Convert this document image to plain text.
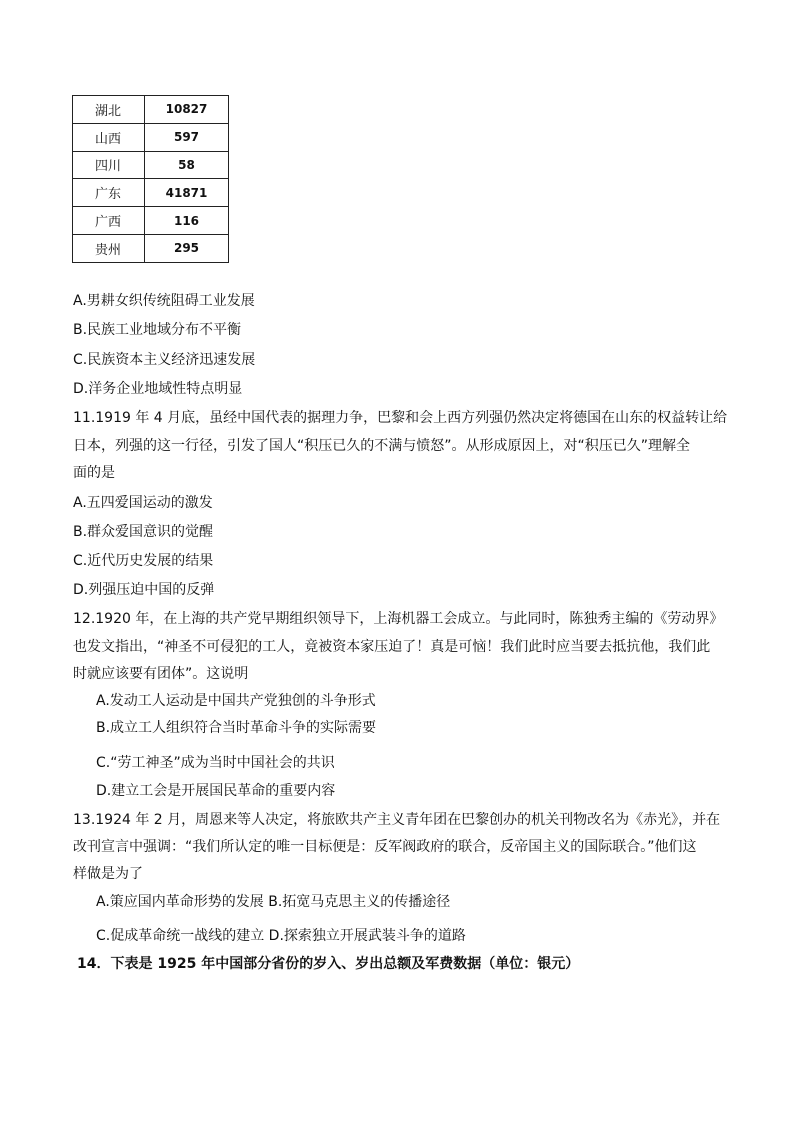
湖北	10827
山西	597
四川	58
广东	41871
广西	116
贵州	295
A.男耕女织传统阻碍工业发展
B.民族工业地域分布不平衡
C.民族资本主义经济迅速发展
D.洋务企业地域性特点明显
11.1919 年 4 月底，虽经中国代表的据理力争，巴黎和会上西方列强仍然决定将德国在山东的权益转让给
日本，列强的这一行径，引发了国人“积压已久的不满与愤怒”。从形成原因上，对“积压已久”理解全
面的是
A.五四爱国运动的激发
B.群众爱国意识的觉醒
C.近代历史发展的结果
D.列强压迫中国的反弹
12.1920 年，在上海的共产党早期组织领导下，上海机器工会成立。与此同时，陈独秀主编的《劳动界》
也发文指出，“神圣不可侵犯的工人，竟被资本家压迫了！真是可恼！我们此时应当要去抵抗他，我们此
时就应该要有团体”。这说明
A.发动工人运动是中国共产党独创的斗争形式
B.成立工人组织符合当时革命斗争的实际需要
C.“劳工神圣”成为当时中国社会的共识
D.建立工会是开展国民革命的重要内容
13.1924 年 2 月，周恩来等人决定，将旅欧共产主义青年团在巴黎创办的机关刊物改名为《赤光》，并在
改刊宣言中强调：“我们所认定的唯一目标便是：反军阀政府的联合，反帝国主义的国际联合。”他们这
样做是为了
A.策应国内革命形势的发展 B.拓宽马克思主义的传播途径
C.促成革命统一战线的建立 D.探索独立开展武装斗争的道路
14．下表是 1925 年中国部分省份的岁入、岁出总额及军费数据（单位：银元）
